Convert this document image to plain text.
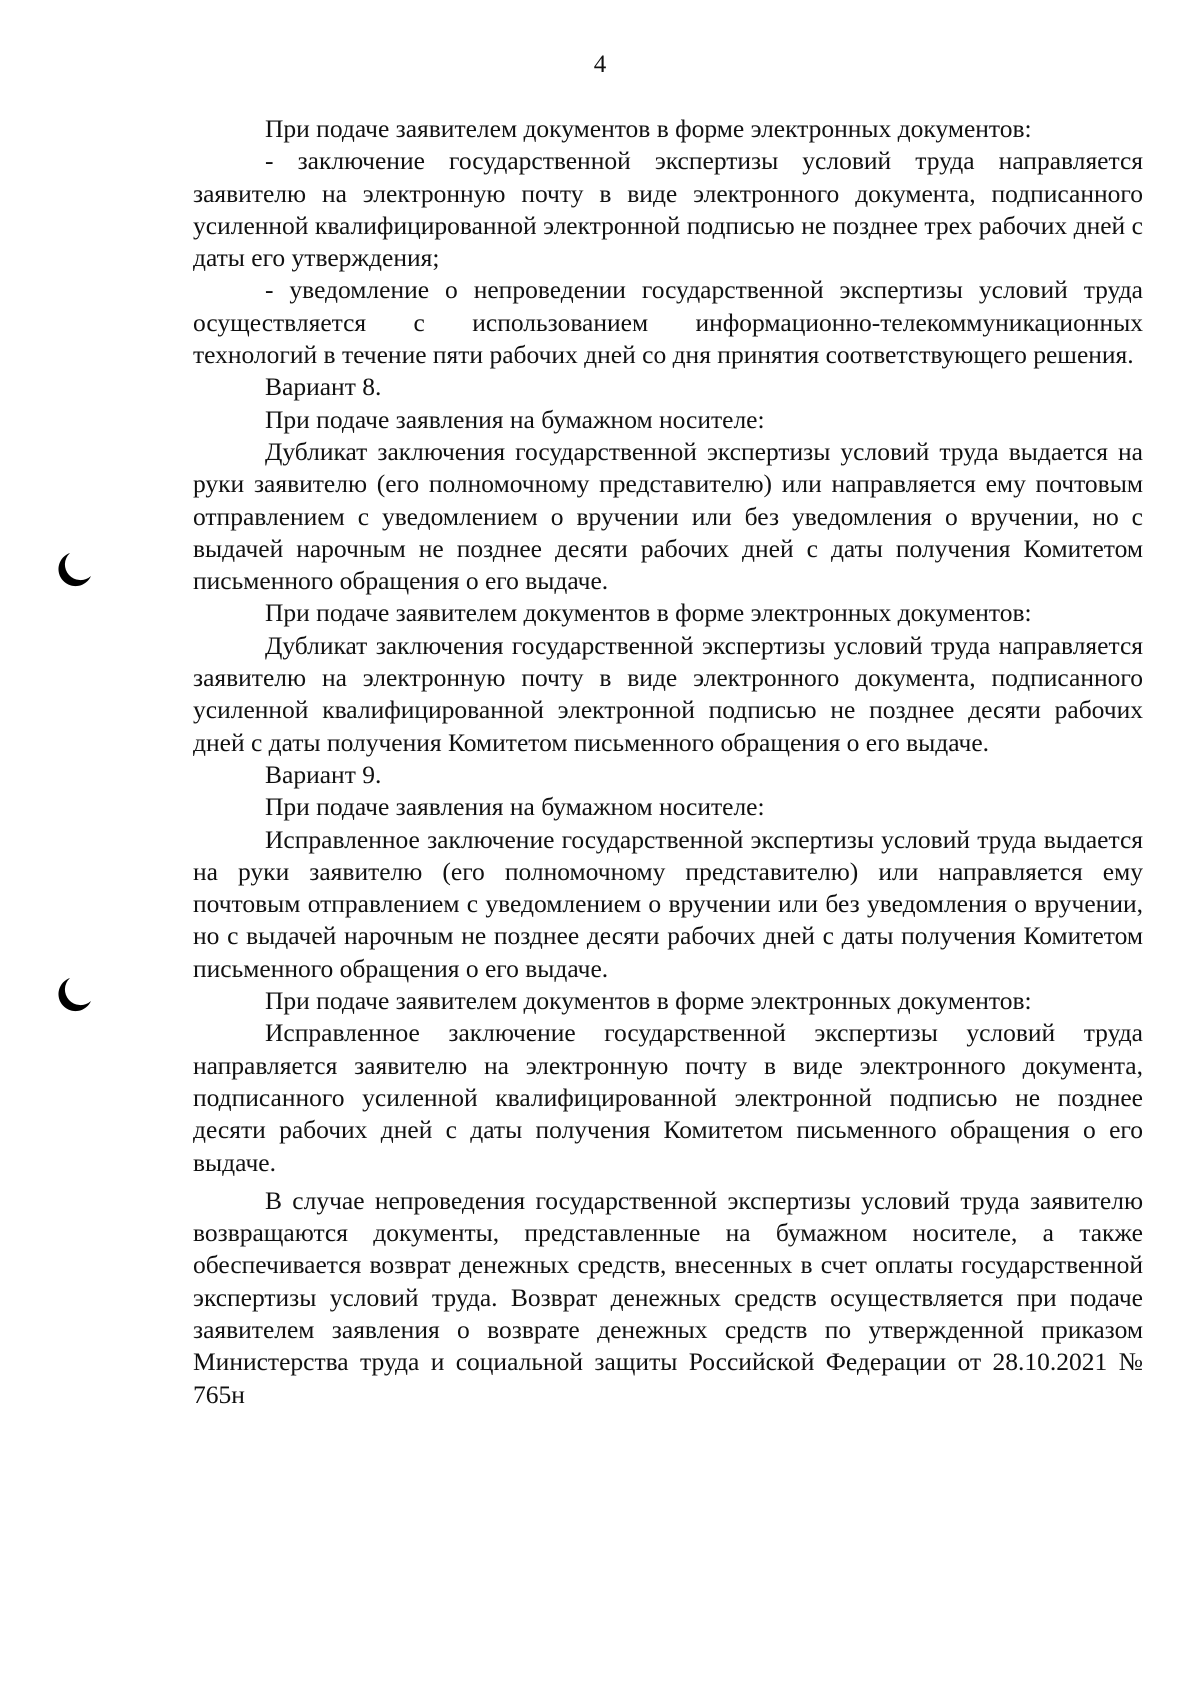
4

При подаче заявителем документов в форме электронных документов:

- заключение государственной экспертизы условий труда направляется заявителю на электронную почту в виде электронного документа, подписанного усиленной квалифицированной электронной подписью не позднее трех рабочих дней с даты его утверждения;

- уведомление о непроведении государственной экспертизы условий труда осуществляется с использованием информационно-телекоммуникационных технологий в течение пяти рабочих дней со дня принятия соответствующего решения.

Вариант 8.

При подаче заявления на бумажном носителе:

Дубликат заключения государственной экспертизы условий труда выдается на руки заявителю (его полномочному представителю) или направляется ему почтовым отправлением с уведомлением о вручении или без уведомления о вручении, но с выдачей нарочным не позднее десяти рабочих дней с даты получения Комитетом письменного обращения о его выдаче.

При подаче заявителем документов в форме электронных документов:

Дубликат заключения государственной экспертизы условий труда направляется заявителю на электронную почту в виде электронного документа, подписанного усиленной квалифицированной электронной подписью не позднее десяти рабочих дней с даты получения Комитетом письменного обращения о его выдаче.

Вариант 9.

При подаче заявления на бумажном носителе:

Исправленное заключение государственной экспертизы условий труда выдается на руки заявителю (его полномочному представителю) или направляется ему почтовым отправлением с уведомлением о вручении или без уведомления о вручении, но с выдачей нарочным не позднее десяти рабочих дней с даты получения Комитетом письменного обращения о его выдаче.

При подаче заявителем документов в форме электронных документов:

Исправленное заключение государственной экспертизы условий труда направляется заявителю на электронную почту в виде электронного документа, подписанного усиленной квалифицированной электронной подписью не позднее десяти рабочих дней с даты получения Комитетом письменного обращения о его выдаче.

В случае непроведения государственной экспертизы условий труда заявителю возвращаются документы, представленные на бумажном носителе, а также обеспечивается возврат денежных средств, внесенных в счет оплаты государственной экспертизы условий труда. Возврат денежных средств осуществляется при подаче заявителем заявления о возврате денежных средств по утвержденной приказом Министерства труда и социальной защиты Российской Федерации от 28.10.2021 № 765н
